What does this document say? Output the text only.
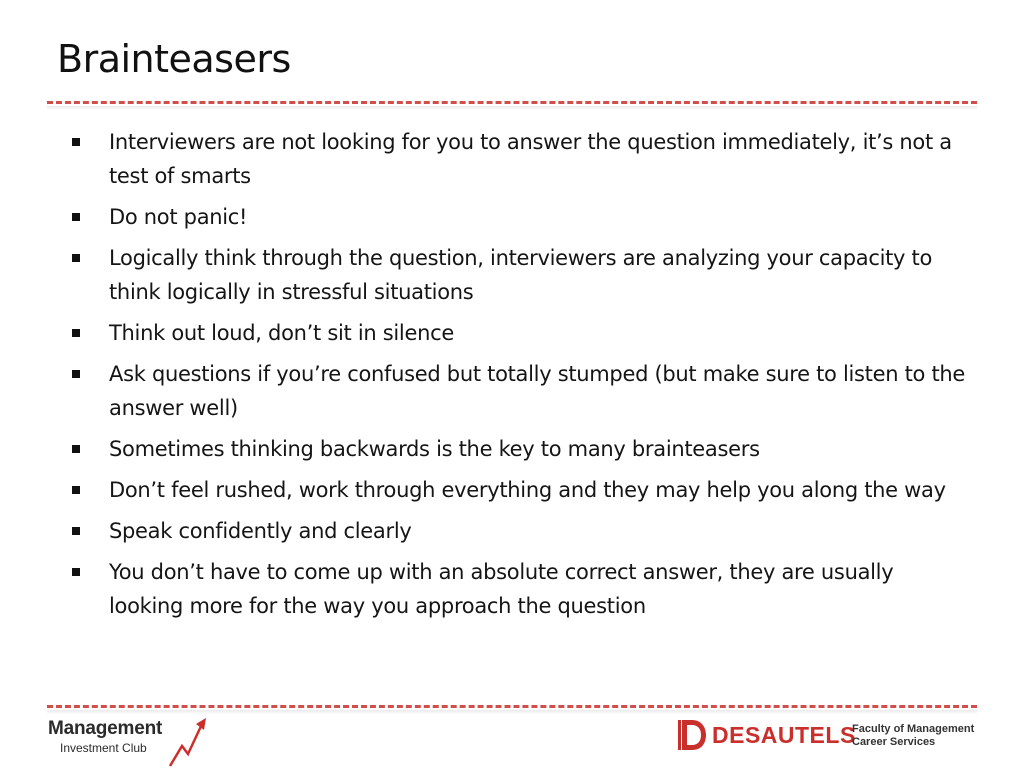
Brainteasers
Interviewers are not looking for you to answer the question immediately, it’s not a test of smarts
Do not panic!
Logically think through the question, interviewers are analyzing your capacity to think logically in stressful situations
Think out loud, don’t sit in silence
Ask questions if you’re confused but totally stumped (but make sure to listen to the answer well)
Sometimes thinking backwards is the key to many brainteasers
Don’t feel rushed, work through everything and they may help you along the way
Speak confidently and clearly
You don’t have to come up with an absolute correct answer, they are usually looking more for the way you approach the question
Management
Investment Club	DESAUTELS
Faculty of Management
Career Services
